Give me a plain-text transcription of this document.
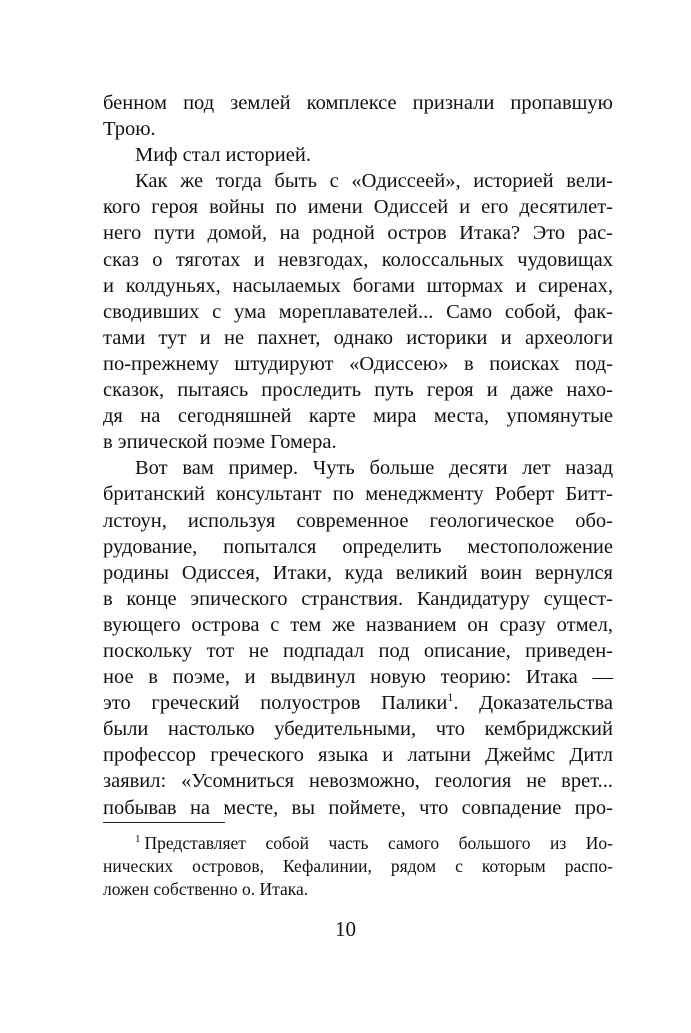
бенном под землей комплексе признали пропавшую
Трою.
Миф стал историей.
Как же тогда быть с «Одиссеей», историей вели-
кого героя войны по имени Одиссей и его десятилет-
него пути домой, на родной остров Итака? Это рас-
сказ о тяготах и невзгодах, колоссальных чудовищах
и колдуньях, насылаемых богами штормах и сиренах,
сводивших с ума мореплавателей... Само собой, фак-
тами тут и не пахнет, однако историки и археологи
по-прежнему штудируют «Одиссею» в поисках под-
сказок, пытаясь проследить путь героя и даже нахо-
дя на сегодняшней карте мира места, упомянутые
в эпической поэме Гомера.
Вот вам пример. Чуть больше десяти лет назад
британский консультант по менеджменту Роберт Битт-
лстоун, используя современное геологическое обо-
рудование, попытался определить местоположение
родины Одиссея, Итаки, куда великий воин вернулся
в конце эпического странствия. Кандидатуру сущест-
вующего острова с тем же названием он сразу отмел,
поскольку тот не подпадал под описание, приведен-
ное в поэме, и выдвинул новую теорию: Итака —
это греческий полуостров Палики$^1$. Доказательства
были настолько убедительными, что кембриджский
профессор греческого языка и латыни Джеймс Дитл
заявил: «Усомниться невозможно, геология не врет...
побывав на месте, вы поймете, что совпадение про-
$^1$ Представляет собой часть самого большого из Ио-
нических островов, Кефалинии, рядом с которым распо-
ложен собственно о. Итака.
10
